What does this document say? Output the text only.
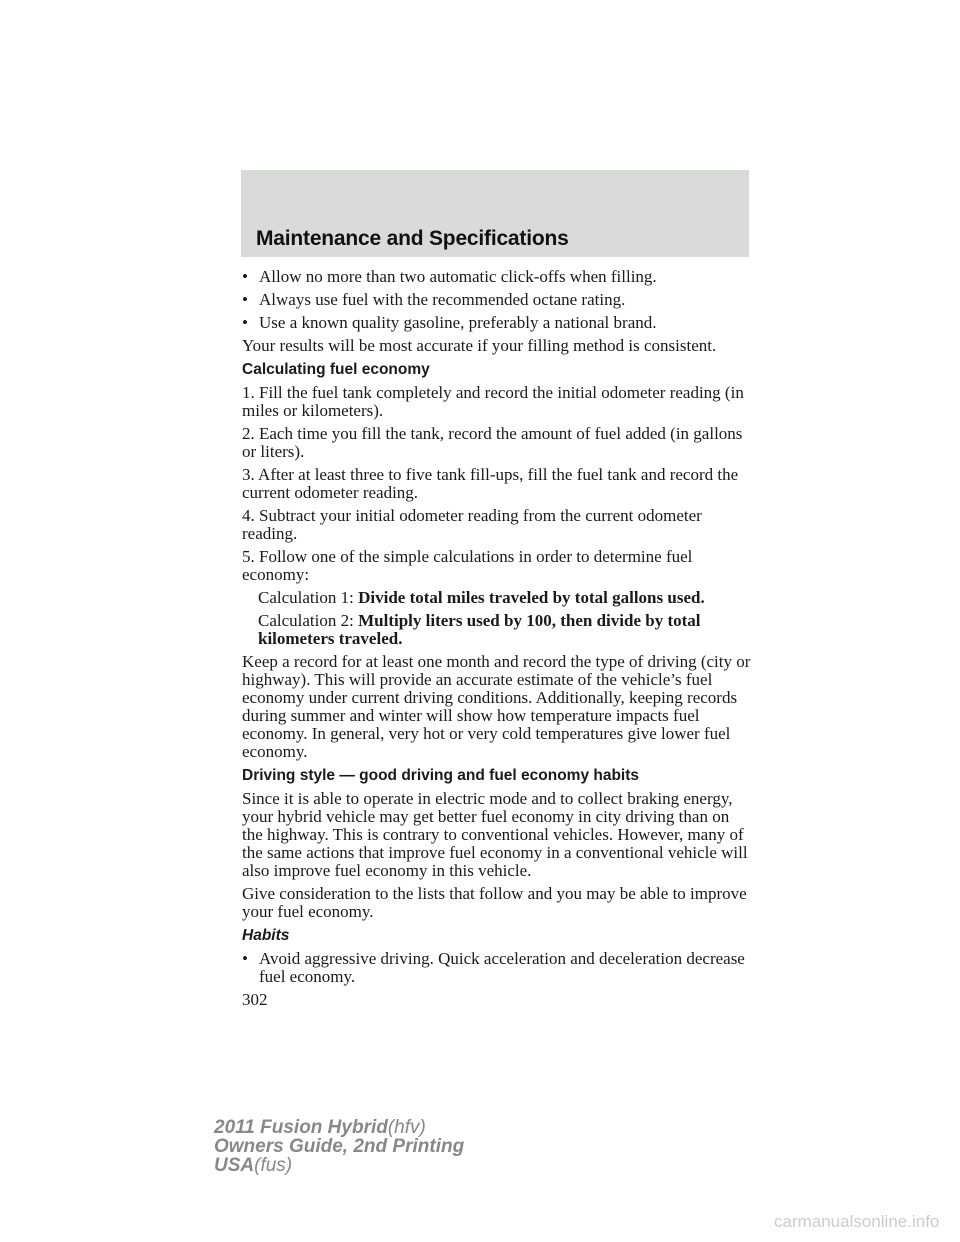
Maintenance and Specifications
• Allow no more than two automatic click-offs when filling.
• Always use fuel with the recommended octane rating.
• Use a known quality gasoline, preferably a national brand.

Your results will be most accurate if your filling method is consistent.

Calculating fuel economy

1. Fill the fuel tank completely and record the initial odometer reading (in miles or kilometers).

2. Each time you fill the tank, record the amount of fuel added (in gallons or liters).

3. After at least three to five tank fill-ups, fill the fuel tank and record the current odometer reading.

4. Subtract your initial odometer reading from the current odometer reading.

5. Follow one of the simple calculations in order to determine fuel economy:

Calculation 1: Divide total miles traveled by total gallons used.

Calculation 2: Multiply liters used by 100, then divide by total kilometers traveled.

Keep a record for at least one month and record the type of driving (city or highway). This will provide an accurate estimate of the vehicle’s fuel economy under current driving conditions. Additionally, keeping records during summer and winter will show how temperature impacts fuel economy. In general, very hot or very cold temperatures give lower fuel economy.

Driving style — good driving and fuel economy habits

Since it is able to operate in electric mode and to collect braking energy, your hybrid vehicle may get better fuel economy in city driving than on the highway. This is contrary to conventional vehicles. However, many of the same actions that improve fuel economy in a conventional vehicle will also improve fuel economy in this vehicle.

Give consideration to the lists that follow and you may be able to improve your fuel economy.

Habits
• Avoid aggressive driving. Quick acceleration and deceleration decrease fuel economy.
302
2011 Fusion Hybrid(hfv)
Owners Guide, 2nd Printing
USA(fus)
carmanualsonline.info
